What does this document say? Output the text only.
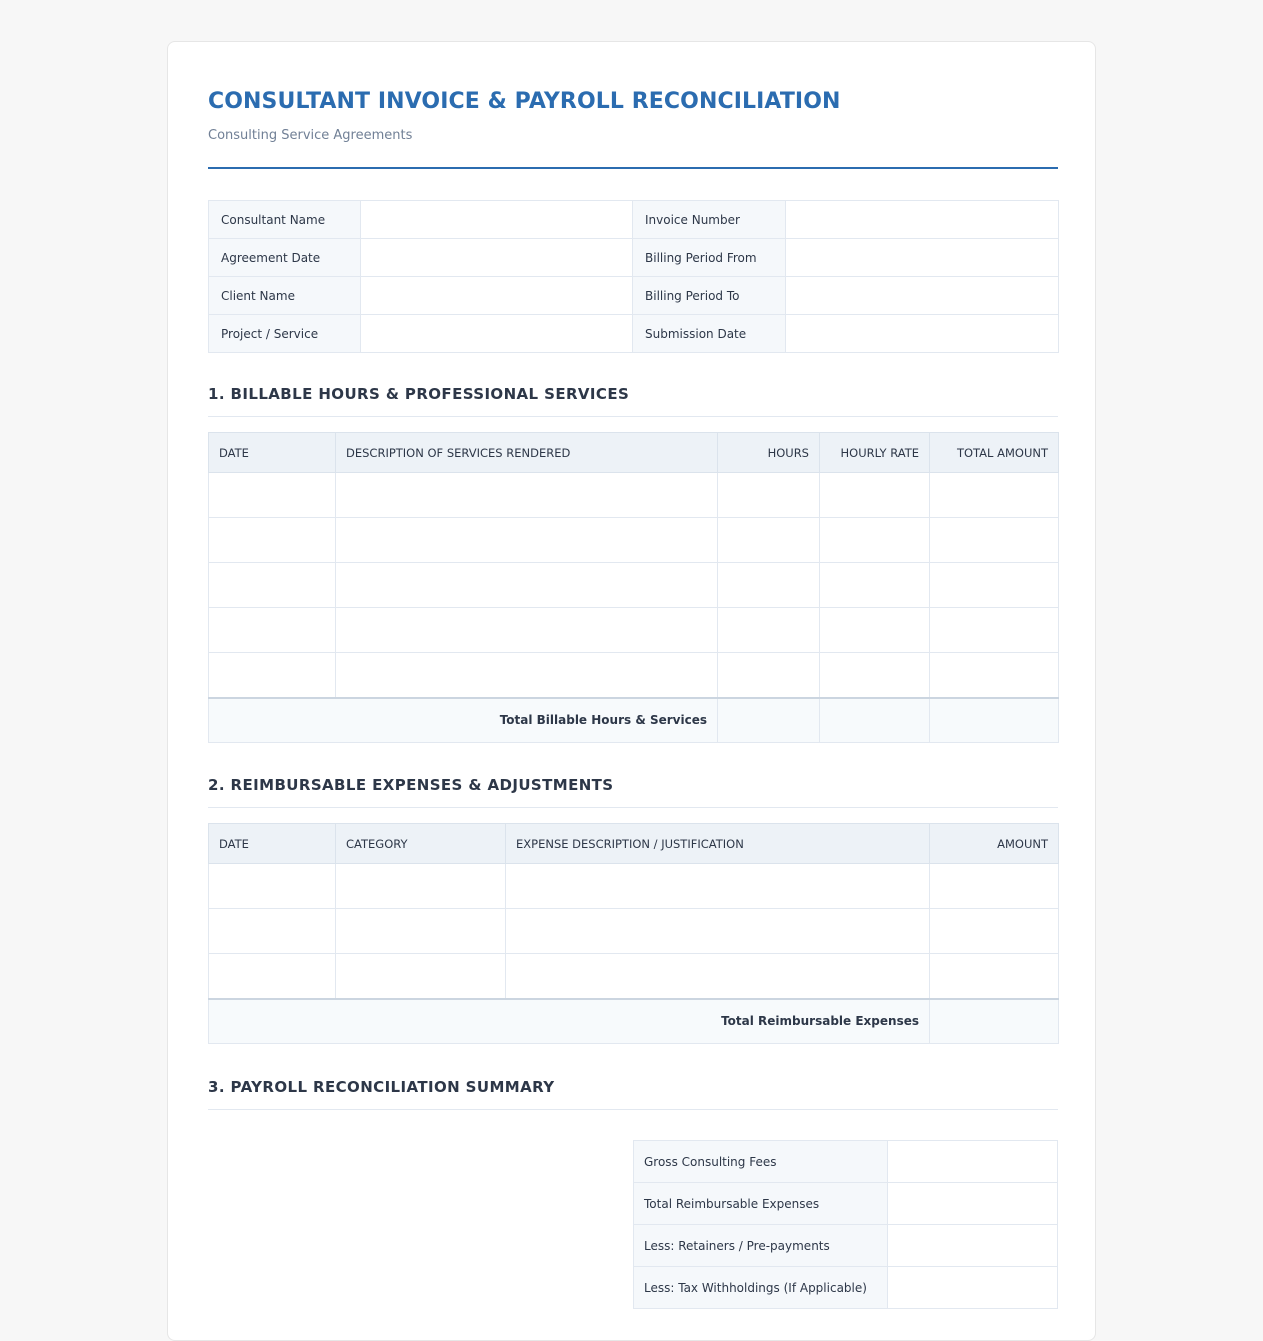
CONSULTANT INVOICE & PAYROLL RECONCILIATION
Consulting Service Agreements
Consultant Name		Invoice Number	
Agreement Date		Billing Period From	
Client Name		Billing Period To	
Project / Service		Submission Date	
1. BILLABLE HOURS & PROFESSIONAL SERVICES
DATE	DESCRIPTION OF SERVICES RENDERED	HOURS	HOURLY RATE	TOTAL AMOUNT

Total Billable Hours & Services				
2. REIMBURSABLE EXPENSES & ADJUSTMENTS
DATE	CATEGORY	EXPENSE DESCRIPTION / JUSTIFICATION	AMOUNT

Total Reimbursable Expenses			
3. PAYROLL RECONCILIATION SUMMARY
Gross Consulting Fees	
Total Reimbursable Expenses	
Less: Retainers / Pre-payments	
Less: Tax Withholdings (If Applicable)	
